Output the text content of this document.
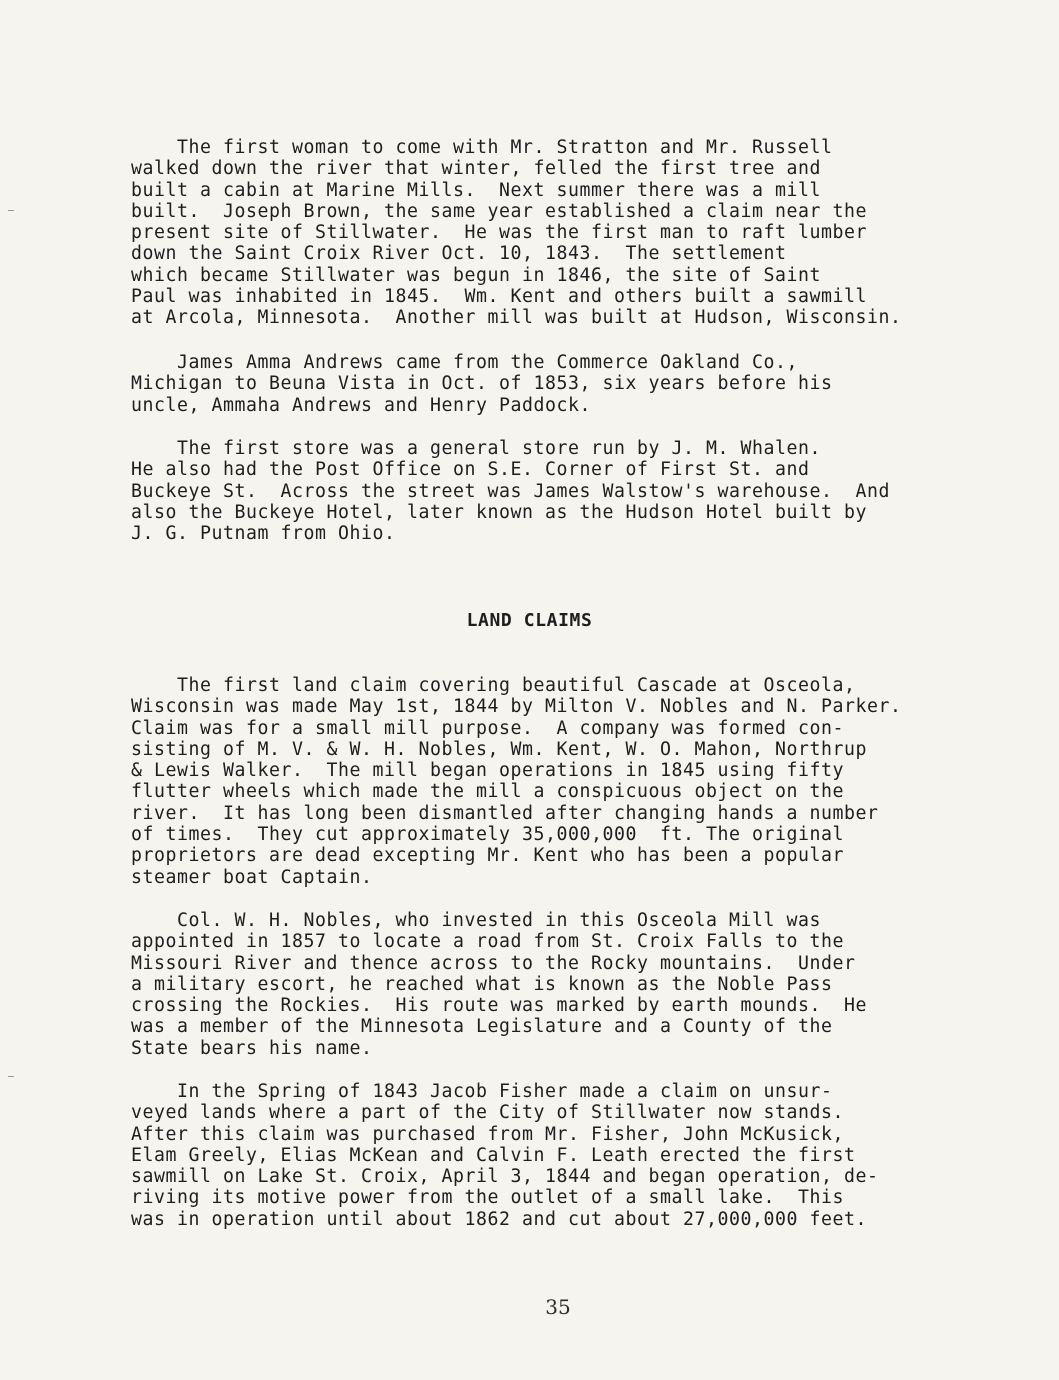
The first woman to come with Mr. Stratton and Mr. Russell
walked down the river that winter, felled the first tree and
built a cabin at Marine Mills.  Next summer there was a mill
built.  Joseph Brown, the same year established a claim near the
present site of Stillwater.  He was the first man to raft lumber
down the Saint Croix River Oct. 10, 1843.  The settlement
which became Stillwater was begun in 1846, the site of Saint
Paul was inhabited in 1845.  Wm. Kent and others built a sawmill
at Arcola, Minnesota.  Another mill was built at Hudson, Wisconsin.

James Amma Andrews came from the Commerce Oakland Co.,
Michigan to Beuna Vista in Oct. of 1853, six years before his
uncle, Ammaha Andrews and Henry Paddock.

The first store was a general store run by J. M. Whalen.
He also had the Post Office on S.E. Corner of First St. and
Buckeye St.  Across the street was James Walstow's warehouse.  And
also the Buckeye Hotel, later known as the Hudson Hotel built by
J. G. Putnam from Ohio.

LAND CLAIMS

The first land claim covering beautiful Cascade at Osceola,
Wisconsin was made May 1st, 1844 by Milton V. Nobles and N. Parker.
Claim was for a small mill purpose.  A company was formed con-
sisting of M. V. & W. H. Nobles, Wm. Kent, W. O. Mahon, Northrup
& Lewis Walker.  The mill began operations in 1845 using fifty
flutter wheels which made the mill a conspicuous object on the
river.  It has long been dismantled after changing hands a number
of times.  They cut approximately 35,000,000  ft. The original
proprietors are dead excepting Mr. Kent who has been a popular
steamer boat Captain.

Col. W. H. Nobles, who invested in this Osceola Mill was
appointed in 1857 to locate a road from St. Croix Falls to the
Missouri River and thence across to the Rocky mountains.  Under
a military escort, he reached what is known as the Noble Pass
crossing the Rockies.  His route was marked by earth mounds.  He
was a member of the Minnesota Legislature and a County of the
State bears his name.

In the Spring of 1843 Jacob Fisher made a claim on unsur-
veyed lands where a part of the City of Stillwater now stands.
After this claim was purchased from Mr. Fisher, John McKusick,
Elam Greely, Elias McKean and Calvin F. Leath erected the first
sawmill on Lake St. Croix, April 3, 1844 and began operation, de-
riving its motive power from the outlet of a small lake.  This
was in operation until about 1862 and cut about 27,000,000 feet.

35
